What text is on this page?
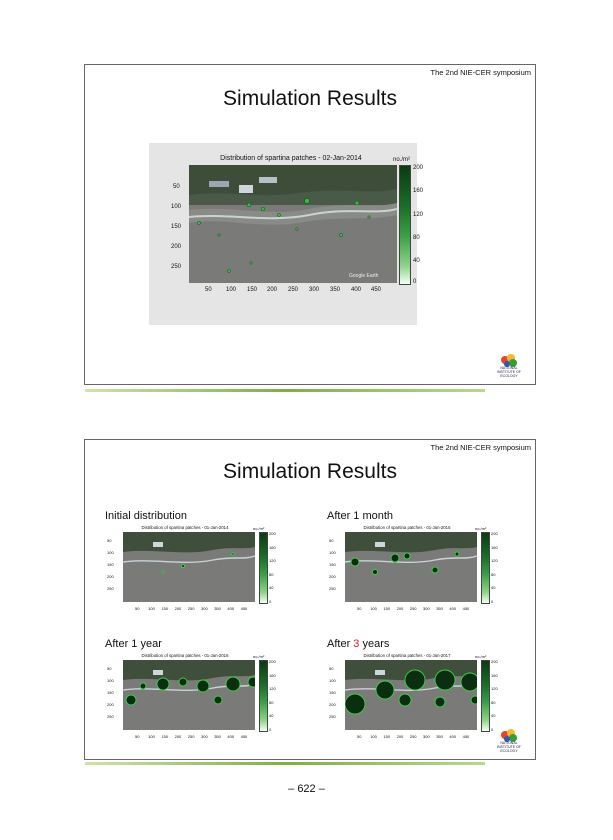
The 2nd NIE-CER symposium
Simulation Results
Distribution of spartina patches - 02-Jan-2014
50
100
150
200
250
Google Earth
50 100 150 200 250 300 350 400 450
no./m²
200
160
120
80
40
0
NATIONAL INSTITUTE OF ECOLOGY
The 2nd NIE-CER symposium
Simulation Results
Initial distribution
Distribution of spartina patches - 01-Jan-2014	no./m²
50
100
150
200
250
50 100 150 200 250 300 350 400 450
200
160
120
80
40
0
After 1 month
Distribution of spartina patches - 01-Jan-2015	no./m²
50
100
150
200
250
50 100 150 200 250 300 350 400 450
200
160
120
80
40
0
After 1 year
Distribution of spartina patches - 01-Jan-2016	no./m²
50
100
150
200
250
50 100 150 200 250 300 350 400 450
200
160
120
80
40
0
After 3 years
Distribution of spartina patches - 01-Jan-2017	no./m²
50
100
150
200
250
50 100 150 200 250 300 350 400 450
200
160
120
80
40
0
NATIONAL INSTITUTE OF ECOLOGY
– 622 –
